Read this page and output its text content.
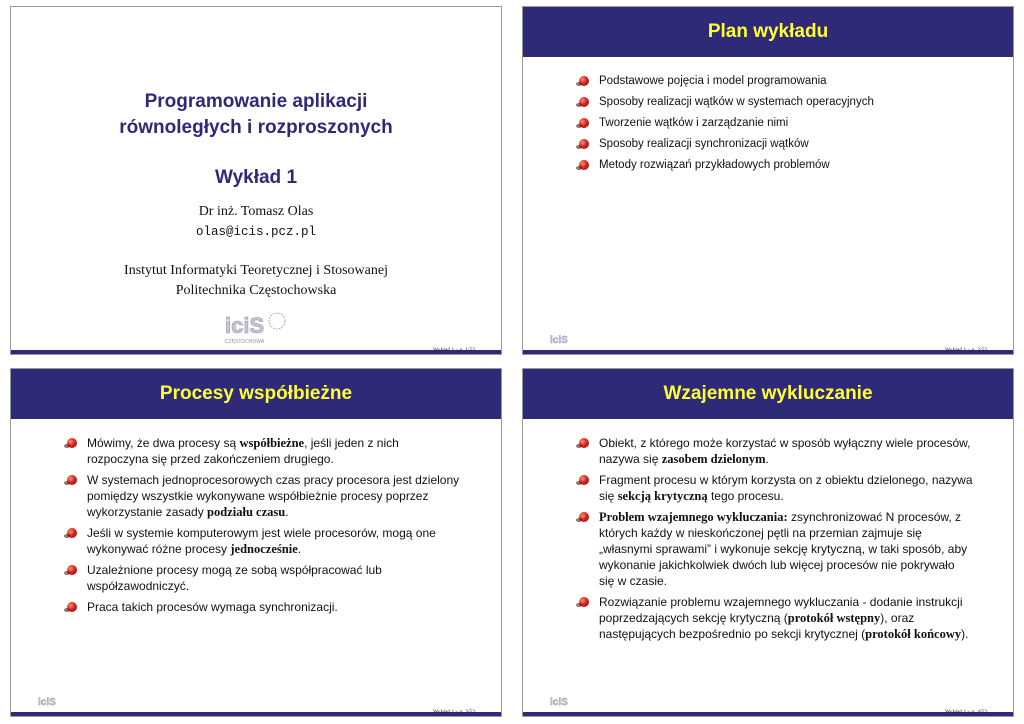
Programowanie aplikacji
równoległych i rozproszonych
Wykład 1
Dr inż. Tomasz Olas
olas@icis.pcz.pl
Instytut Informatyki Teoretycznej i Stosowanej
Politechnika Częstochowska
iciS
CZĘSTOCHOWA
Wykład 1 – p. 1/52
Plan wykładu
Podstawowe pojęcia i model programowania
Sposoby realizacji wątków w systemach operacyjnych
Tworzenie wątków i zarządzanie nimi
Sposoby realizacji synchronizacji wątków
Metody rozwiązań przykładowych problemów
iciS
Wykład 1 – p. 2/52
Procesy współbieżne
Mówimy, że dwa procesy są współbieżne, jeśli jeden z nich rozpoczyna się przed zakończeniem drugiego.
W systemach jednoprocesorowych czas pracy procesora jest dzielony pomiędzy wszystkie wykonywane współbieżnie procesy poprzez wykorzystanie zasady podziału czasu.
Jeśli w systemie komputerowym jest wiele procesorów, mogą one wykonywać różne procesy jednocześnie.
Uzależnione procesy mogą ze sobą współpracować lub współzawodniczyć.
Praca takich procesów wymaga synchronizacji.
iciS
Wykład 1 – p. 3/52
Wzajemne wykluczanie
Obiekt, z którego może korzystać w sposób wyłączny wiele procesów, nazywa się zasobem dzielonym.
Fragment procesu w którym korzysta on z obiektu dzielonego, nazywa się sekcją krytyczną tego procesu.
Problem wzajemnego wykluczania: zsynchronizować N procesów, z których każdy w nieskończonej pętli na przemian zajmuje się „własnymi sprawami” i wykonuje sekcję krytyczną, w taki sposób, aby wykonanie jakichkolwiek dwóch lub więcej procesów nie pokrywało się w czasie.
Rozwiązanie problemu wzajemnego wykluczania - dodanie instrukcji poprzedzających sekcję krytyczną (protokół wstępny), oraz następujących bezpośrednio po sekcji krytycznej (protokół końcowy).
iciS
Wykład 1 – p. 4/52
